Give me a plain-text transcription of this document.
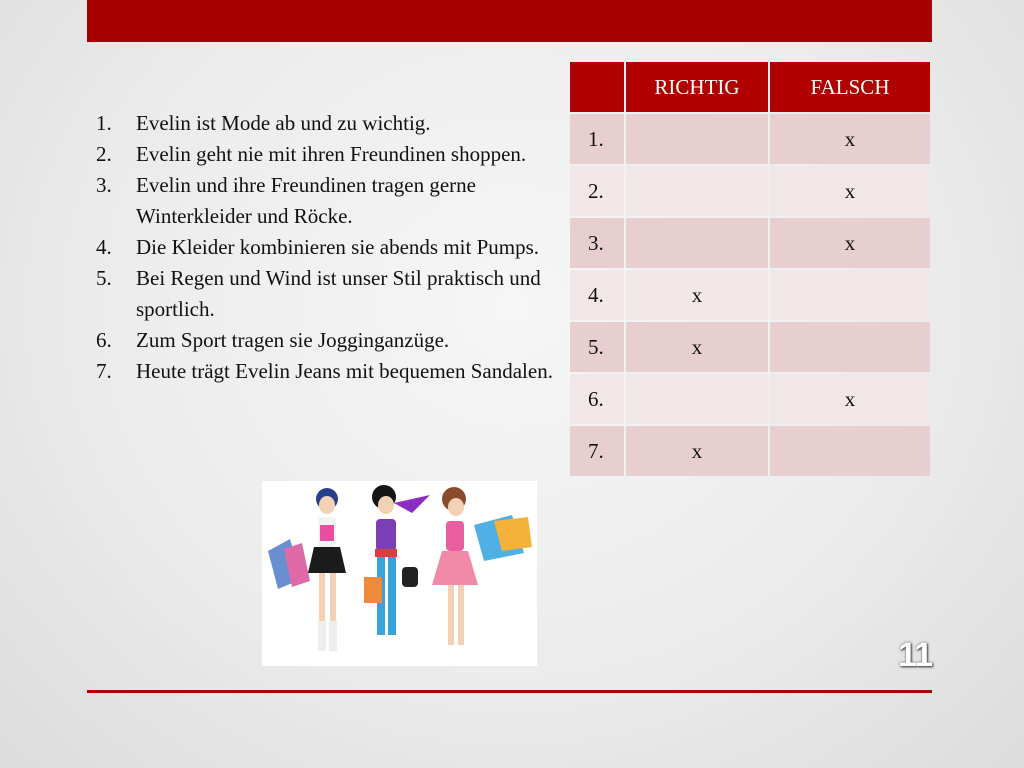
1.	Evelin ist Mode ab und zu wichtig.
2.	Evelin geht nie mit ihren Freundinen shoppen.
3.	Evelin und ihre Freundinen tragen gerne Winterkleider und Röcke.
4.	Die Kleider kombinieren sie abends mit Pumps.
5.	Bei Regen und Wind ist unser Stil praktisch und sportlich.
6.	Zum Sport tragen sie Jogginganzüge.
7.	Heute trägt Evelin Jeans mit bequemen Sandalen.
	RICHTIG	FALSCH
1.		x
2.		x
3.		x
4.	x	
5.	x	
6.		x
7.	x	
11
